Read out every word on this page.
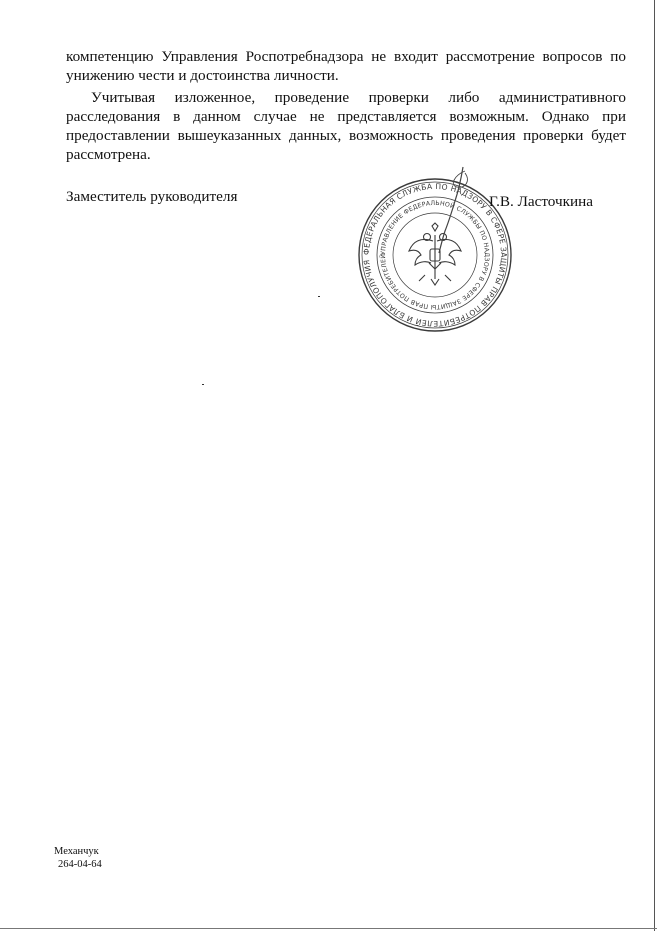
компетенцию Управления Роспотребнадзора не входит рассмотрение вопросов по унижению чести и достоинства личности.

Учитывая изложенное, проведение проверки либо административного расследования в данном случае не представляется возможным. Однако при предоставлении вышеуказанных данных, возможность проведения проверки будет рассмотрена.

Заместитель руководителя
ФЕДЕРАЛЬНАЯ СЛУЖБА ПО НАДЗОРУ В СФЕРЕ ЗАЩИТЫ ПРАВ ПОТРЕБИТЕЛЕЙ И БЛАГОПОЛУЧИЯ
УПРАВЛЕНИЕ ФЕДЕРАЛЬНОЙ СЛУЖБЫ ПО НАДЗОРУ В СФЕРЕ ЗАЩИТЫ ПРАВ ПОТРЕБИТЕЛЕЙ
Г.В. Ласточкина
Механчук
264-04-64
